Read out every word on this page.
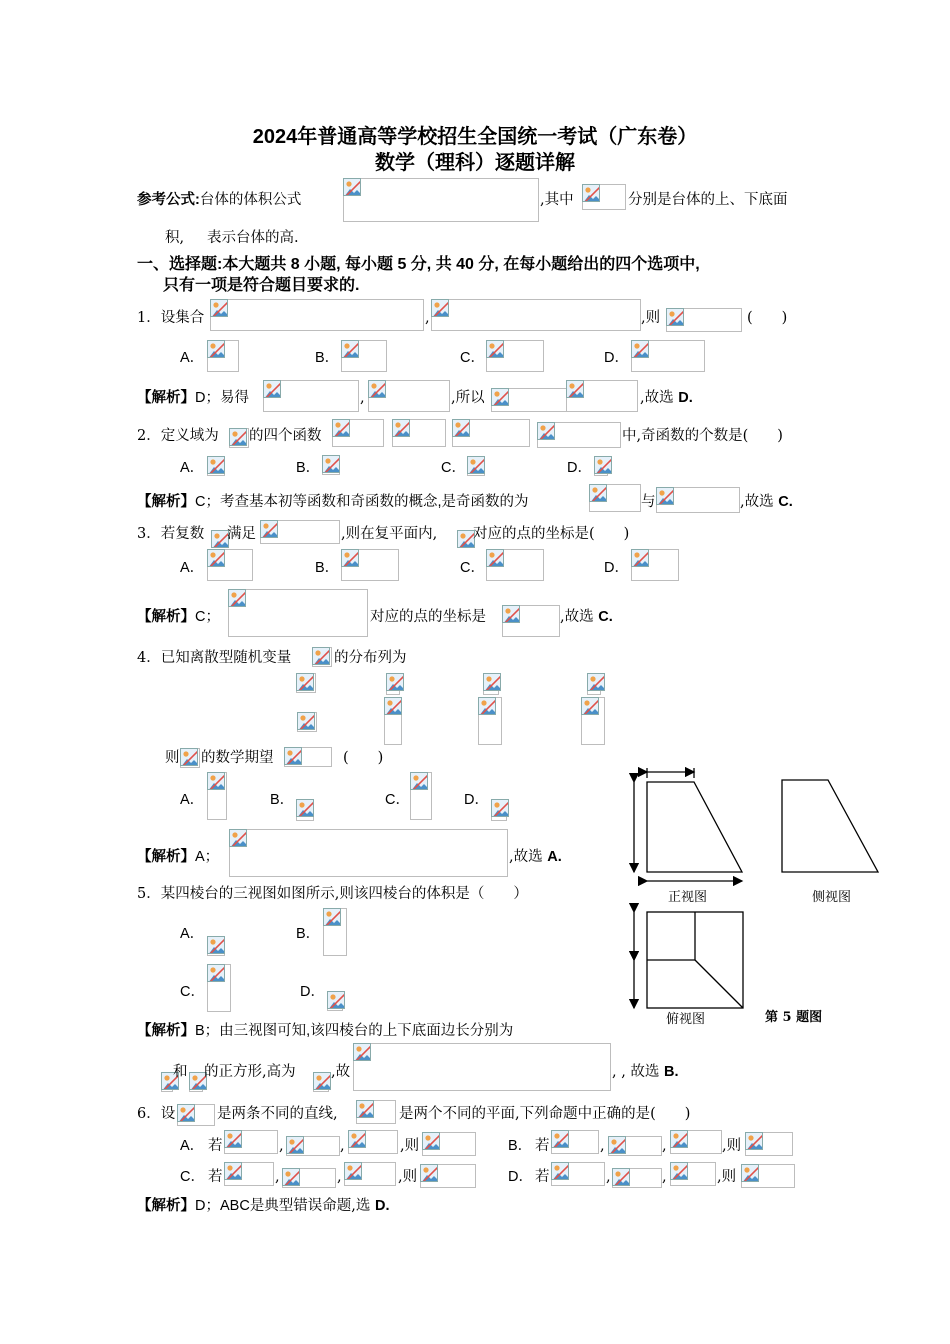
2024年普通高等学校招生全国统一考试（广东卷）
数学（理科）逐题详解
参考公式:台体的体积公式	,其中	分别是台体的上、下底面
积, 表示台体的高.
一、选择题:本大题共 8 小题, 每小题 5 分, 共 40 分, 在每小题给出的四个选项中,
只有一项是符合题目要求的.
1．设集合	,	,则	(　　)
A．	B．	C．	D．
【解析】D；易得	,	,所以	,故选 D.
2．定义域为 的四个函数	中,奇函数的个数是(　　)
A．	B．	C．	D．
【解析】C；考查基本初等函数和奇函数的概念,是奇函数的为	与	,故选 C.
3．若复数 满足	,则在复平面内, 对应的点的坐标是(　　)
A．	B．	C．	D．
【解析】C；	对应的点的坐标是	,故选 C.
4．已知离散型随机变量	的分布列为
则 的数学期望	(　　)
A．	B．	C．	D．
【解析】A；	,故选 A.
正视图	侧视图
俯视图	第 5 题图
5．某四棱台的三视图如图所示,则该四棱台的体积是（　　）
A．	B．
C．	D．
【解析】B；由三视图可知,该四棱台的上下底面边长分别为
和 的正方形,高为 ,故	, , 故选 B.
6．设	是两条不同的直线,	是两个不同的平面,下列命题中正确的是(　　)
A． 若	,	,	,则	B． 若	,	,	,则
C． 若	,	,	,则	D． 若	,	,	,则
【解析】D；ABC是典型错误命题,选 D.
